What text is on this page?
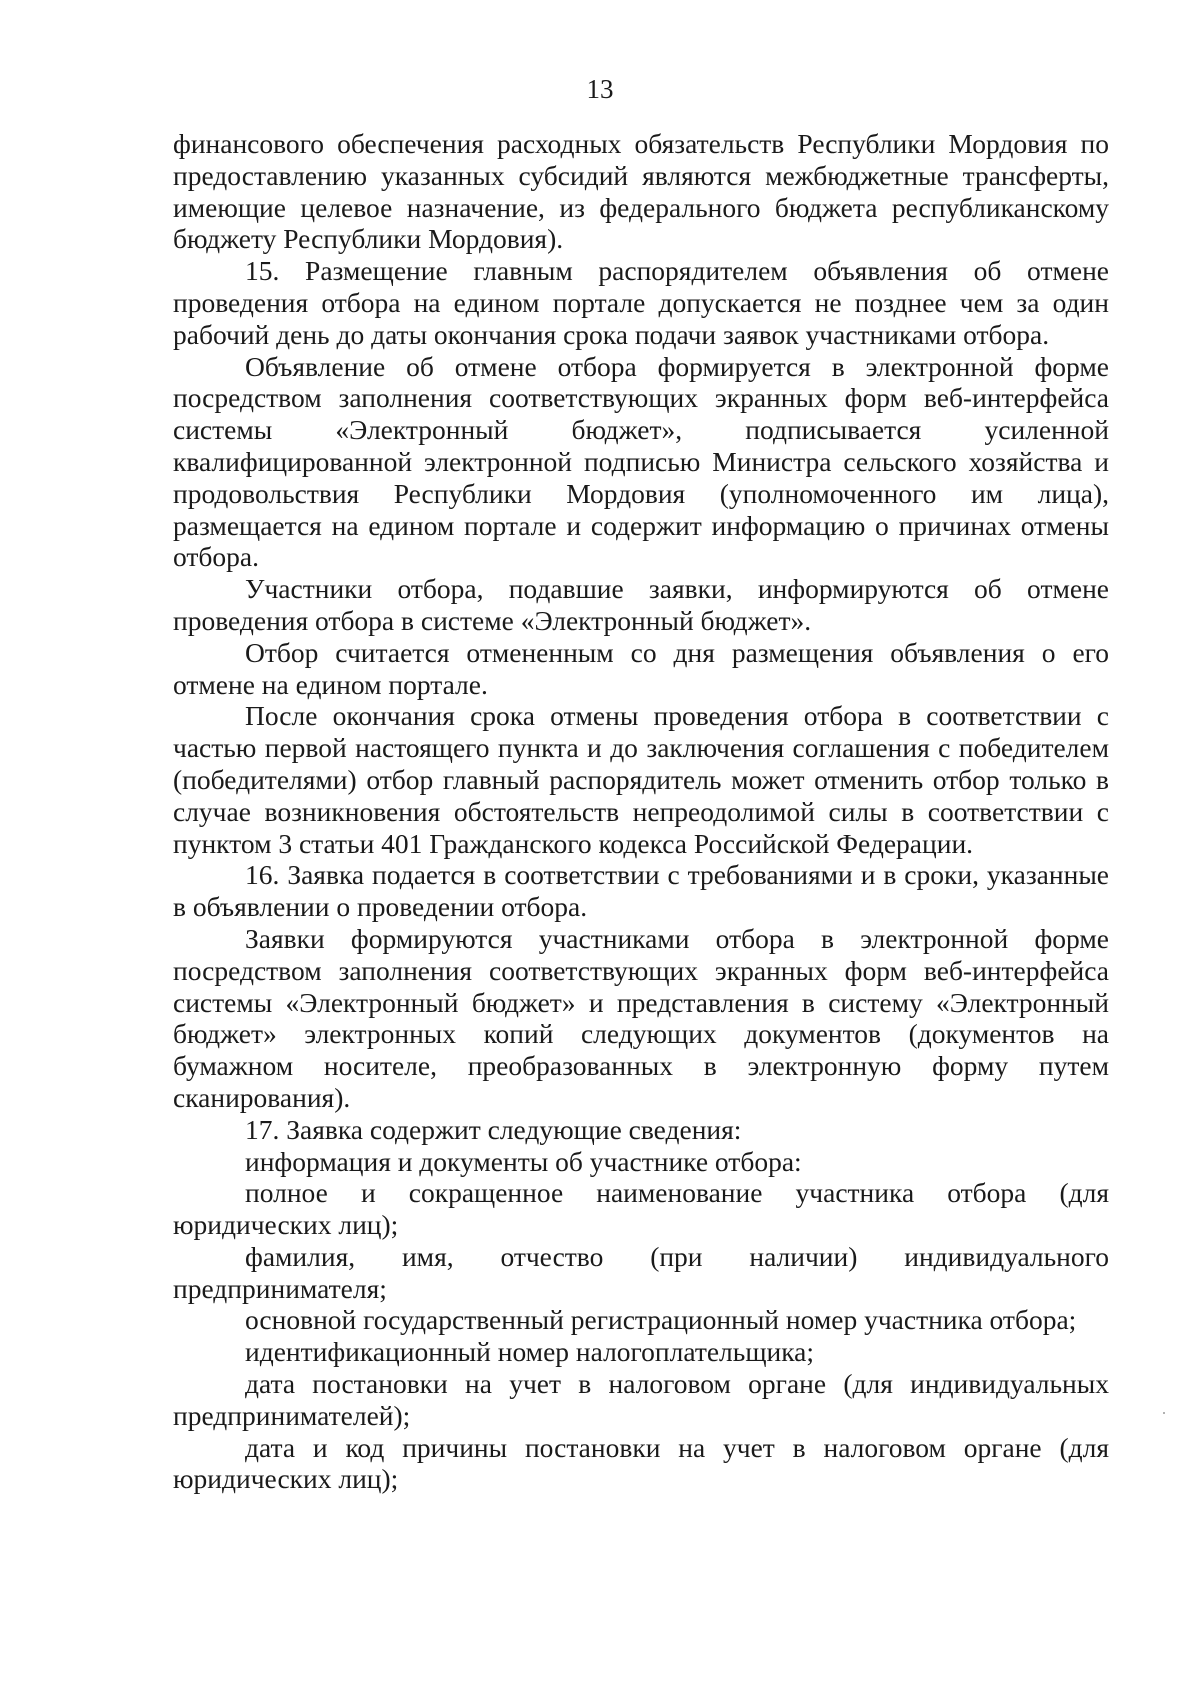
13

финансового обеспечения расходных обязательств Республики Мордовия по предоставлению указанных субсидий являются межбюджетные трансферты, имеющие целевое назначение, из федерального бюджета республиканскому бюджету Республики Мордовия).

15. Размещение главным распорядителем объявления об отмене проведения отбора на едином портале допускается не позднее чем за один рабочий день до даты окончания срока подачи заявок участниками отбора.

Объявление об отмене отбора формируется в электронной форме посредством заполнения соответствующих экранных форм веб-интерфейса системы «Электронный бюджет», подписывается усиленной квалифицированной электронной подписью Министра сельского хозяйства и продовольствия Республики Мордовия (уполномоченного им лица), размещается на едином портале и содержит информацию о причинах отмены отбора.

Участники отбора, подавшие заявки, информируются об отмене проведения отбора в системе «Электронный бюджет».

Отбор считается отмененным со дня размещения объявления о его отмене на едином портале.

После окончания срока отмены проведения отбора в соответствии с частью первой настоящего пункта и до заключения соглашения с победителем (победителями) отбор главный распорядитель может отменить отбор только в случае возникновения обстоятельств непреодолимой силы в соответствии с пунктом 3 статьи 401 Гражданского кодекса Российской Федерации.

16. Заявка подается в соответствии с требованиями и в сроки, указанные в объявлении о проведении отбора.

Заявки формируются участниками отбора в электронной форме посредством заполнения соответствующих экранных форм веб-интерфейса системы «Электронный бюджет» и представления в систему «Электронный бюджет» электронных копий следующих документов (документов на бумажном носителе, преобразованных в электронную форму путем сканирования).

17. Заявка содержит следующие сведения:

информация и документы об участнике отбора:

полное и сокращенное наименование участника отбора (для юридических лиц);

фамилия, имя, отчество (при наличии) индивидуального предпринимателя;

основной государственный регистрационный номер участника отбора;

идентификационный номер налогоплательщика;

дата постановки на учет в налоговом органе (для индивидуальных предпринимателей);

дата и код причины постановки на учет в налоговом органе (для юридических лиц);
